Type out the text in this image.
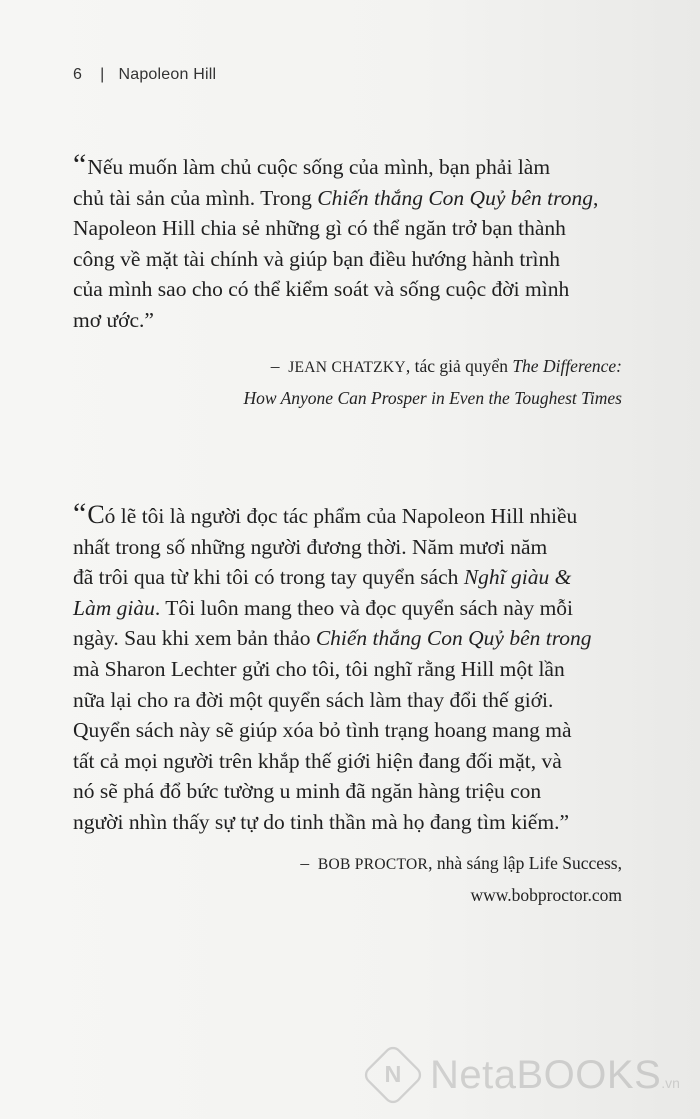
6 | Napoleon Hill
“Nếu muốn làm chủ cuộc sống của mình, bạn phải làm
chủ tài sản của mình. Trong Chiến thắng Con Quỷ bên trong,
Napoleon Hill chia sẻ những gì có thể ngăn trở bạn thành
công về mặt tài chính và giúp bạn điều hướng hành trình
của mình sao cho có thể kiểm soát và sống cuộc đời mình
mơ ước.”
– JEAN CHATZKY, tác giả quyển The Difference:
How Anyone Can Prosper in Even the Toughest Times
“Có lẽ tôi là người đọc tác phẩm của Napoleon Hill nhiều
nhất trong số những người đương thời. Năm mươi năm
đã trôi qua từ khi tôi có trong tay quyển sách Nghĩ giàu &
Làm giàu. Tôi luôn mang theo và đọc quyển sách này mỗi
ngày. Sau khi xem bản thảo Chiến thắng Con Quỷ bên trong
mà Sharon Lechter gửi cho tôi, tôi nghĩ rằng Hill một lần
nữa lại cho ra đời một quyển sách làm thay đổi thế giới.
Quyển sách này sẽ giúp xóa bỏ tình trạng hoang mang mà
tất cả mọi người trên khắp thế giới hiện đang đối mặt, và
nó sẽ phá đổ bức tường u minh đã ngăn hàng triệu con
người nhìn thấy sự tự do tinh thần mà họ đang tìm kiếm.”
– BOB PROCTOR, nhà sáng lập Life Success,
www.bobproctor.com
N NetaBOOKS.vn
